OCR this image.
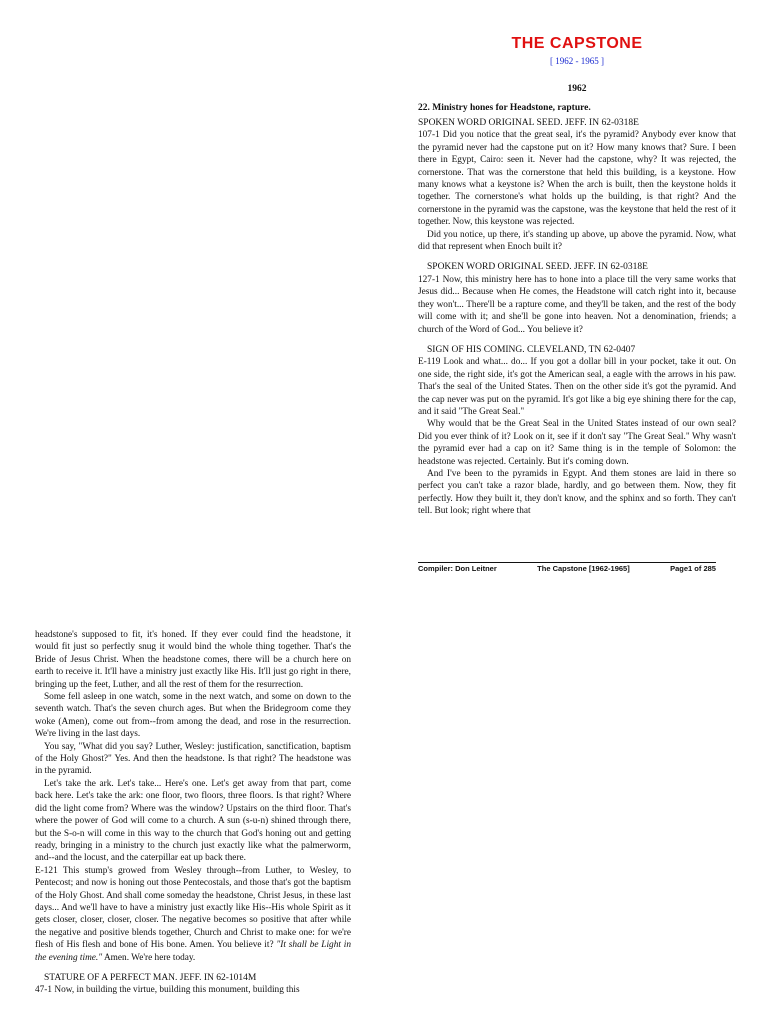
THE CAPSTONE
[ 1962 - 1965 ]
1962
22. Ministry hones for Headstone, rapture.
SPOKEN WORD ORIGINAL SEED. JEFF. IN 62-0318E

107-1 Did you notice that the great seal, it's the pyramid? Anybody ever know that the pyramid never had the capstone put on it? How many knows that? Sure. I been there in Egypt, Cairo: seen it. Never had the capstone, why? It was rejected, the cornerstone. That was the cornerstone that held this building, is a keystone. How many knows what a keystone is? When the arch is built, then the keystone holds it together. The cornerstone's what holds up the building, is that right? And the cornerstone in the pyramid was the capstone, was the keystone that held the rest of it together. Now, this keystone was rejected.

Did you notice, up there, it's standing up above, up above the pyramid. Now, what did that represent when Enoch built it?

SPOKEN WORD ORIGINAL SEED. JEFF. IN 62-0318E

127-1 Now, this ministry here has to hone into a place till the very same works that Jesus did... Because when He comes, the Headstone will catch right into it, because they won't... There'll be a rapture come, and they'll be taken, and the rest of the body will come with it; and she'll be gone into heaven. Not a denomination, friends; a church of the Word of God... You believe it?

SIGN OF HIS COMING. CLEVELAND, TN 62-0407

E-119 Look and what... do... If you got a dollar bill in your pocket, take it out. On one side, the right side, it's got the American seal, a eagle with the arrows in his paw. That's the seal of the United States. Then on the other side it's got the pyramid. And the cap never was put on the pyramid. It's got like a big eye shining there for the cap, and it said "The Great Seal."

Why would that be the Great Seal in the United States instead of our own seal? Did you ever think of it? Look on it, see if it don't say "The Great Seal." Why wasn't the pyramid ever had a cap on it? Same thing is in the temple of Solomon: the headstone was rejected. Certainly. But it's coming down.

And I've been to the pyramids in Egypt. And them stones are laid in there so perfect you can't take a razor blade, hardly, and go between them. Now, they fit perfectly. How they built it, they don't know, and the sphinx and so forth. They can't tell. But look; right where that

Compiler: Don Leitner	The Capstone [1962-1965]	Page1 of 285

headstone's supposed to fit, it's honed. If they ever could find the headstone, it would fit just so perfectly snug it would bind the whole thing together. That's the Bride of Jesus Christ. When the headstone comes, there will be a church here on earth to receive it. It'll have a ministry just exactly like His. It'll just go right in there, bringing up the feet, Luther, and all the rest of them for the resurrection.

Some fell asleep in one watch, some in the next watch, and some on down to the seventh watch. That's the seven church ages. But when the Bridegroom come they woke (Amen), come out from--from among the dead, and rose in the resurrection. We're living in the last days.

You say, "What did you say? Luther, Wesley: justification, sanctification, baptism of the Holy Ghost?" Yes. And then the headstone. Is that right? The headstone was in the pyramid.

Let's take the ark. Let's take... Here's one. Let's get away from that part, come back here. Let's take the ark: one floor, two floors, three floors. Is that right? Where did the light come from? Where was the window? Upstairs on the third floor. That's where the power of God will come to a church. A sun (s-u-n) shined through there, but the S-o-n will come in this way to the church that God's honing out and getting ready, bringing in a ministry to the church just exactly like what the palmerworm, and--and the locust, and the caterpillar eat up back there.

E-121 This stump's growed from Wesley through--from Luther, to Wesley, to Pentecost; and now is honing out those Pentecostals, and those that's got the baptism of the Holy Ghost. And shall come someday the headstone, Christ Jesus, in these last days... And we'll have to have a ministry just exactly like His--His whole Spirit as it gets closer, closer, closer, closer. The negative becomes so positive that after while the negative and positive blends together, Church and Christ to make one: for we're flesh of His flesh and bone of His bone. Amen. You believe it? "It shall be Light in the evening time." Amen. We're here today.

STATURE OF A PERFECT MAN. JEFF. IN 62-1014M

47-1 Now, in building the virtue, building this monument, building this
